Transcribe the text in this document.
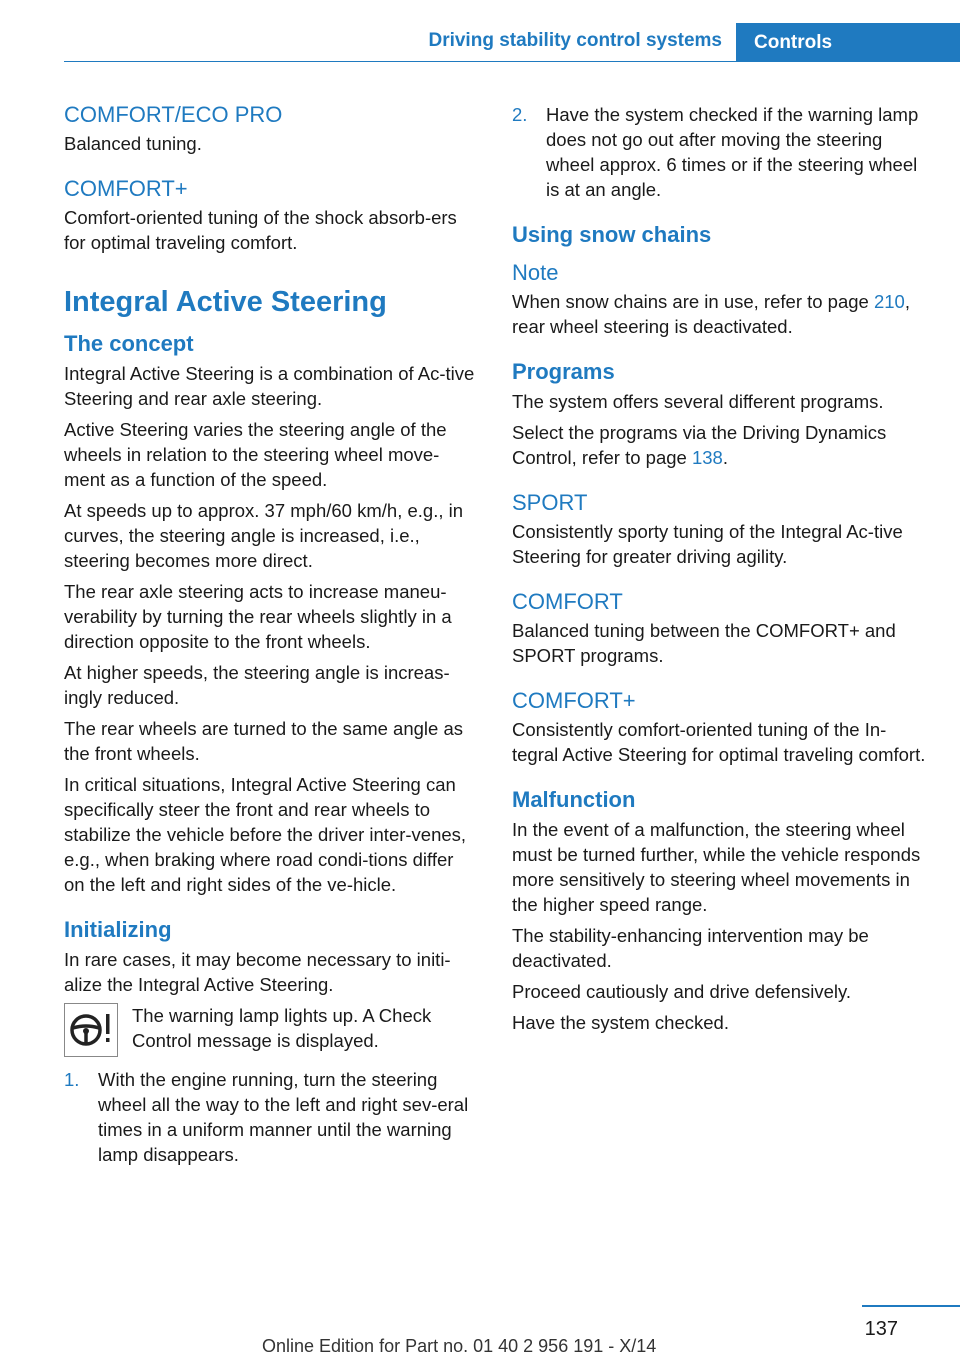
Driving stability control systems	Controls
COMFORT/ECO PRO
Balanced tuning.
COMFORT+
Comfort-oriented tuning of the shock absorb-ers for optimal traveling comfort.
Integral Active Steering
The concept
Integral Active Steering is a combination of Ac-tive Steering and rear axle steering.
Active Steering varies the steering angle of the wheels in relation to the steering wheel move-ment as a function of the speed.
At speeds up to approx. 37 mph/60 km/h, e.g., in curves, the steering angle is increased, i.e., steering becomes more direct.
The rear axle steering acts to increase maneu-verability by turning the rear wheels slightly in a direction opposite to the front wheels.
At higher speeds, the steering angle is increas-ingly reduced.
The rear wheels are turned to the same angle as the front wheels.
In critical situations, Integral Active Steering can specifically steer the front and rear wheels to stabilize the vehicle before the driver inter-venes, e.g., when braking where road condi-tions differ on the left and right sides of the ve-hicle.
Initializing
In rare cases, it may become necessary to initi-alize the Integral Active Steering.
The warning lamp lights up. A Check Control message is displayed.
1.	With the engine running, turn the steering wheel all the way to the left and right sev-eral times in a uniform manner until the warning lamp disappears.
2.	Have the system checked if the warning lamp does not go out after moving the steering wheel approx. 6 times or if the steering wheel is at an angle.
Using snow chains
Note
When snow chains are in use, refer to page 210, rear wheel steering is deactivated.
Programs
The system offers several different programs.
Select the programs via the Driving Dynamics Control, refer to page 138.
SPORT
Consistently sporty tuning of the Integral Ac-tive Steering for greater driving agility.
COMFORT
Balanced tuning between the COMFORT+ and SPORT programs.
COMFORT+
Consistently comfort-oriented tuning of the In-tegral Active Steering for optimal traveling comfort.
Malfunction
In the event of a malfunction, the steering wheel must be turned further, while the vehicle responds more sensitively to steering wheel movements in the higher speed range.
The stability-enhancing intervention may be deactivated.
Proceed cautiously and drive defensively.
Have the system checked.
137
Online Edition for Part no. 01 40 2 956 191 - X/14
